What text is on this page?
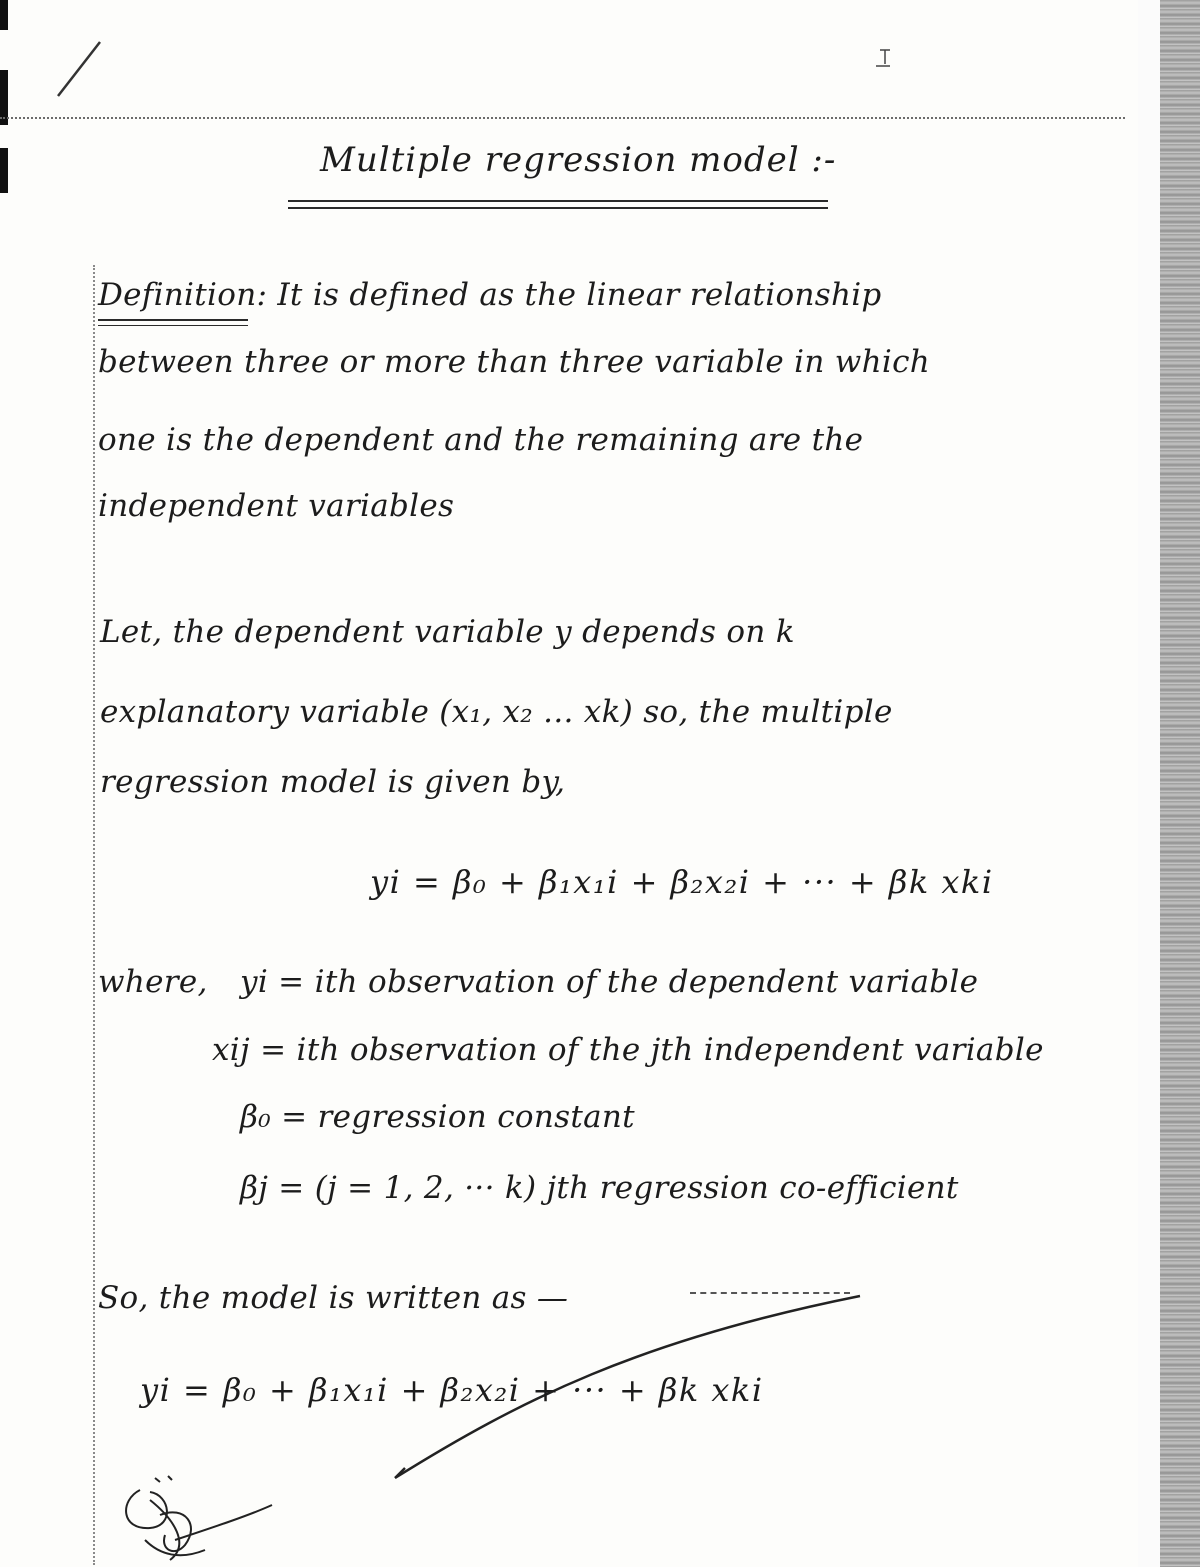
Multiple regression model :-
Definition: It is defined as the linear relationship
between three or more than three variable in which
one is the dependent and the remaining are the
independent variables
Let, the dependent variable y depends on k
explanatory variable (x₁, x₂ ... xk) so, the multiple
regression model is given by,
yi = β₀ + β₁x₁i + β₂x₂i + ··· + βk xki
where, yi = ith observation of the dependent variable
xij = ith observation of the jth independent variable
β₀ = regression constant
βj = (j = 1, 2, ··· k) jth regression co-efficient
So, the model is written as —
yi = β₀ + β₁x₁i + β₂x₂i + ··· + βk xki
